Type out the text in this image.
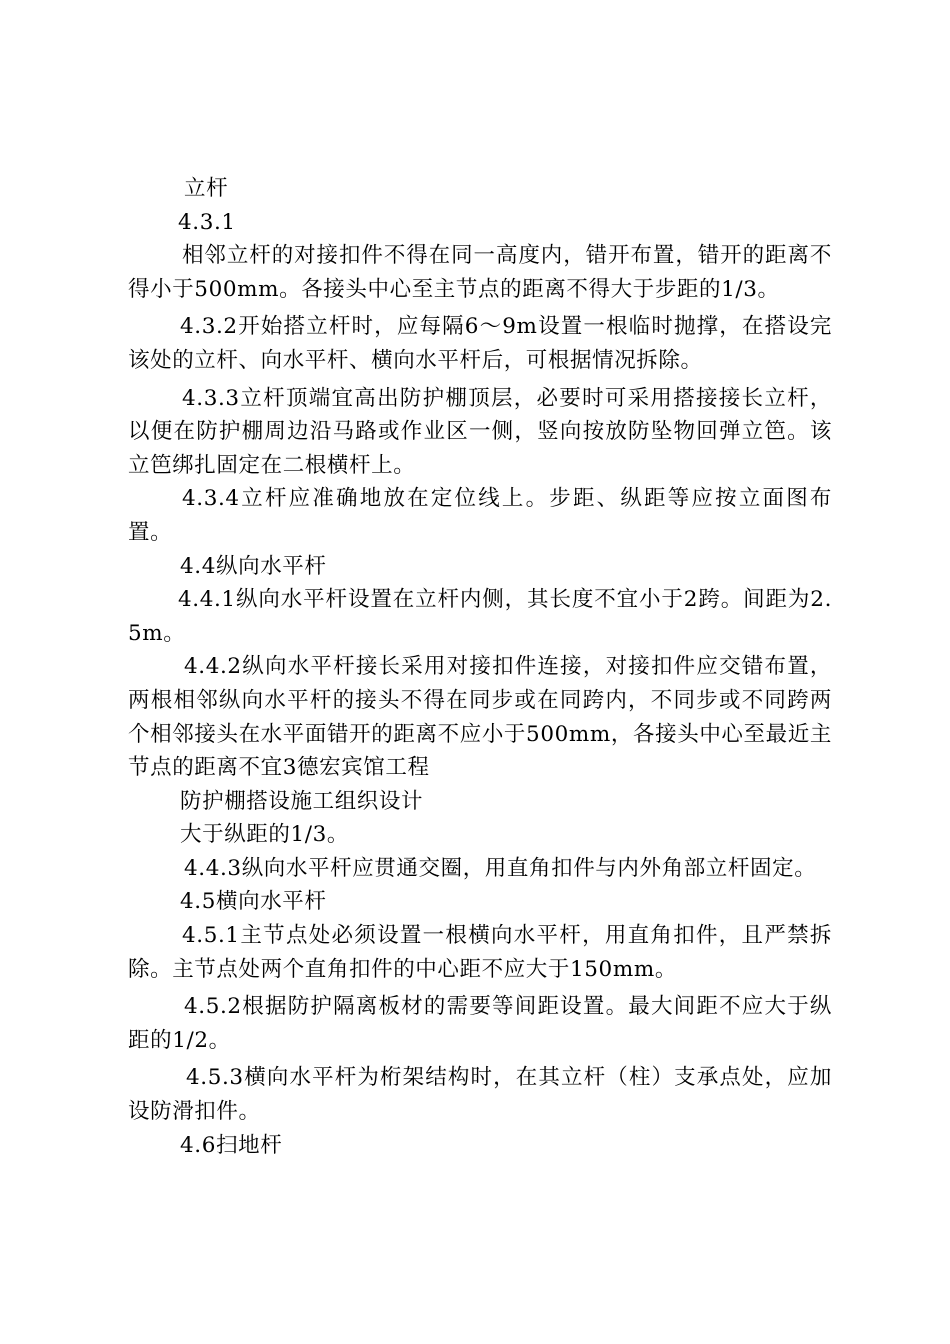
立杆

4.3.1

相邻立杆的对接扣件不得在同一高度内，错开布置，错开的距离不得小于500mm。各接头中心至主节点的距离不得大于步距的1/3。

4.3.2开始搭立杆时，应每隔6～9m设置一根临时抛撑，在搭设完该处的立杆、向水平杆、横向水平杆后，可根据情况拆除。

4.3.3立杆顶端宜高出防护棚顶层，必要时可采用搭接接长立杆，以便在防护棚周边沿马路或作业区一侧，竖向按放防坠物回弹立笆。该立笆绑扎固定在二根横杆上。

4.3.4立杆应准确地放在定位线上。步距、纵距等应按立面图布置。

4.4纵向水平杆

4.4.1纵向水平杆设置在立杆内侧，其长度不宜小于2跨。间距为2.5m。

4.4.2纵向水平杆接长采用对接扣件连接，对接扣件应交错布置，两根相邻纵向水平杆的接头不得在同步或在同跨内，不同步或不同跨两个相邻接头在水平面错开的距离不应小于500mm，各接头中心至最近主节点的距离不宜3德宏宾馆工程

防护棚搭设施工组织设计

大于纵距的1/3。

4.4.3纵向水平杆应贯通交圈，用直角扣件与内外角部立杆固定。

4.5横向水平杆

4.5.1主节点处必须设置一根横向水平杆，用直角扣件，且严禁拆除。主节点处两个直角扣件的中心距不应大于150mm。

4.5.2根据防护隔离板材的需要等间距设置。最大间距不应大于纵距的1/2。

4.5.3横向水平杆为桁架结构时，在其立杆（柱）支承点处，应加设防滑扣件。

4.6扫地杆
